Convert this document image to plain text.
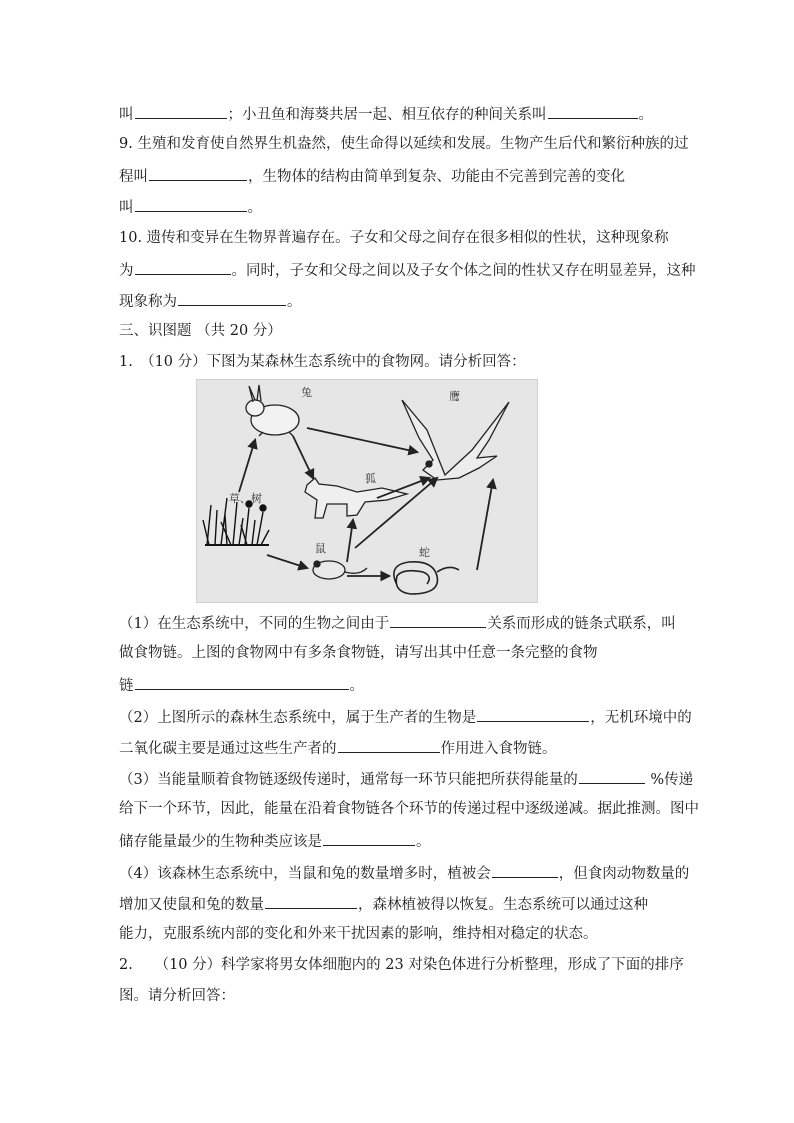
叫	；小丑鱼和海葵共居一起、相互依存的种间关系叫	。
9. 生殖和发育使自然界生机盎然，使生命得以延续和发展。生物产生后代和繁衍种族的过
程叫	，生物体的结构由简单到复杂、功能由不完善到完善的变化
叫	。
10. 遗传和变异在生物界普遍存在。子女和父母之间存在很多相似的性状，这种现象称
为	。同时，子女和父母之间以及子女个体之间的性状又存在明显差异，这种
现象称为	。
三、识图题 （共 20 分）
1.　（10 分）下图为某森林生态系统中的食物网。请分析回答：
兔	鹰
狐
草、树
鼠	蛇
（1）在生态系统中，不同的生物之间由于	关系而形成的链条式联系，叫
做食物链。上图的食物网中有多条食物链，请写出其中任意一条完整的食物
链	。
（2）上图所示的森林生态系统中，属于生产者的生物是	，无机环境中的
二氧化碳主要是通过这些生产者的	作用进入食物链。
（3）当能量顺着食物链逐级传递时，通常每一环节只能把所获得能量的	%传递
给下一个环节，因此，能量在沿着食物链各个环节的传递过程中逐级递减。据此推测。图中
储存能量最少的生物种类应该是	。
（4）该森林生态系统中，当鼠和兔的数量增多时，植被会	，但食肉动物数量的
增加又使鼠和兔的数量	，森林植被得以恢复。生态系统可以通过这种
能力，克服系统内部的变化和外来干扰因素的影响，维持相对稳定的状态。
2.　　（10 分）科学家将男女体细胞内的 23 对染色体进行分析整理，形成了下面的排序
图。请分析回答：
